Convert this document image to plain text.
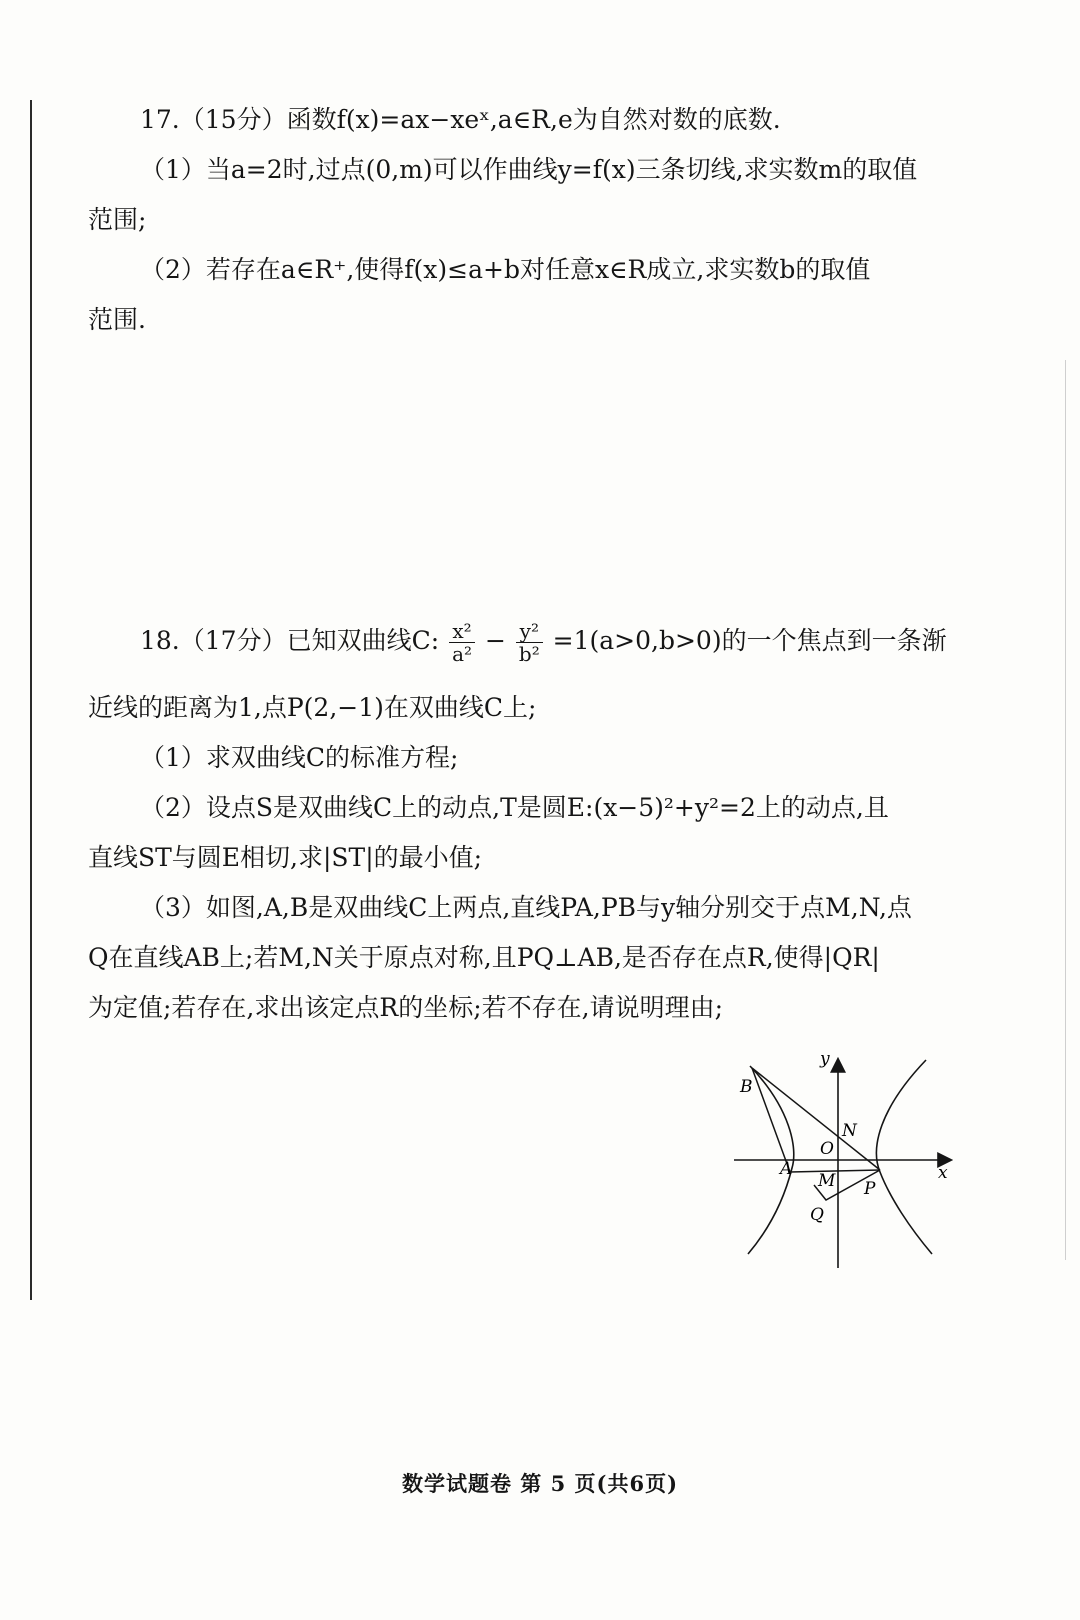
17.（15分）函数f(x)=ax−xeˣ,a∈R,e为自然对数的底数.
（1）当a=2时,过点(0,m)可以作曲线y=f(x)三条切线,求实数m的取值
范围;
（2）若存在a∈R⁺,使得f(x)≤a+b对任意x∈R成立,求实数b的取值
范围.
18.（17分）已知双曲线C: $\frac{\text{x²}}{\text{a²}} - \frac{\text{y²}}{\text{b²}} =1(a>0,b>0)$的一个焦点到一条渐
近线的距离为1,点P(2,−1)在双曲线C上;
（1）求双曲线C的标准方程;
（2）设点S是双曲线C上的动点,T是圆E:(x−5)²+y²=2上的动点,且
直线ST与圆E相切,求|ST|的最小值;
（3）如图,A,B是双曲线C上两点,直线PA,PB与y轴分别交于点M,N,点
Q在直线AB上;若M,N关于原点对称,且PQ⊥AB,是否存在点R,使得|QR|
为定值;若存在,求出该定点R的坐标;若不存在,请说明理由;
y
x
B
N
O
A
M P
Q
数学试题卷 第 5 页(共6页)
